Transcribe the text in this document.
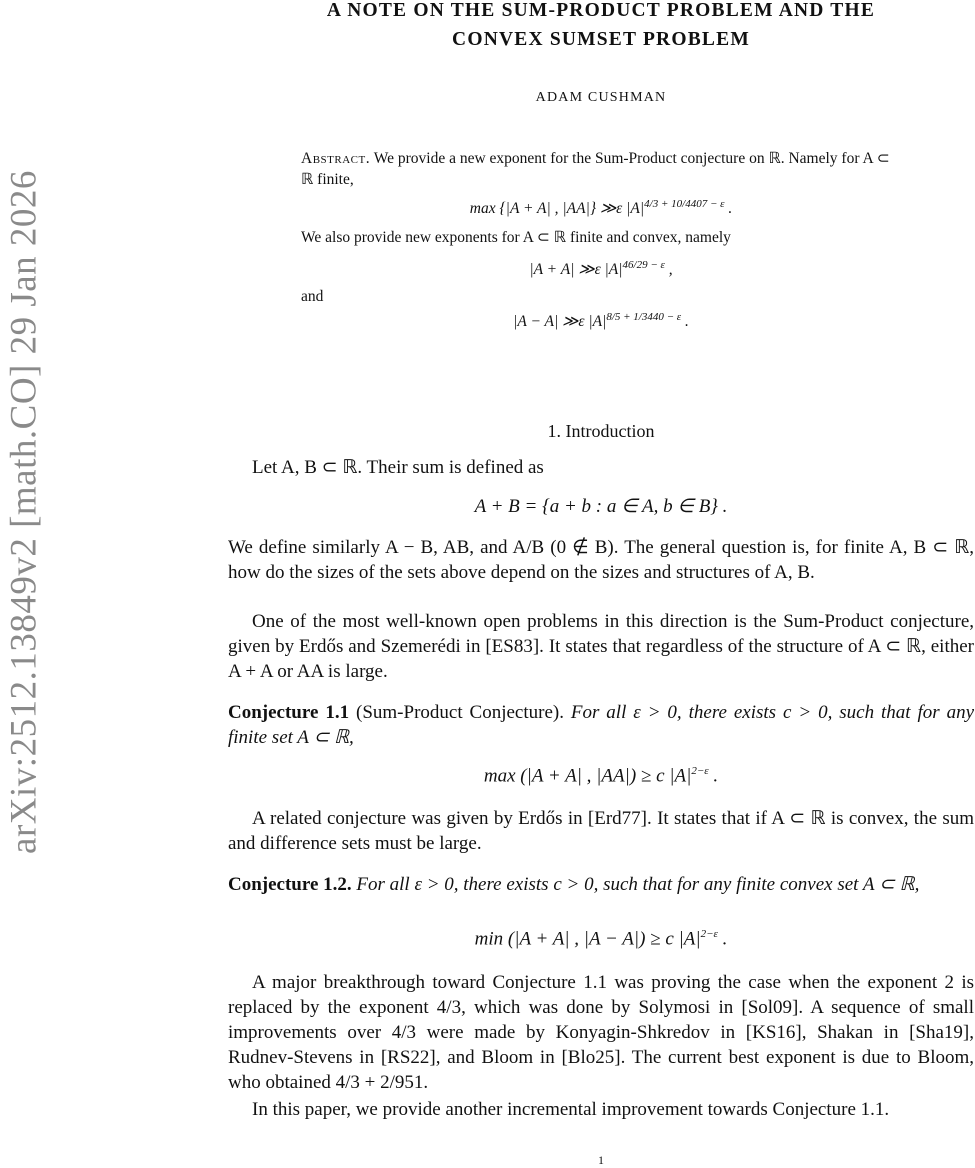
arXiv:2512.13849v2 [math.CO] 29 Jan 2026
A NOTE ON THE SUM-PRODUCT PROBLEM AND THE
CONVEX SUMSET PROBLEM
ADAM CUSHMAN
Abstract. We provide a new exponent for the Sum-Product conjecture on ℝ. Namely for A ⊂ ℝ finite,
max {|A + A| , |AA|} ≫ε $|A|^{4/3 + 10/4407 - \varepsilon}$ .
We also provide new exponents for A ⊂ ℝ finite and convex, namely
|A + A| ≫ε $|A|^{46/29 - \varepsilon}$ ,
and
|A − A| ≫ε $|A|^{8/5 + 1/3440 - \varepsilon}$ .
1. Introduction
Let A, B ⊂ ℝ. Their sum is defined as
A + B = {a + b : a ∈ A, b ∈ B} .
We define similarly A − B, AB, and A/B (0 ∉ B). The general question is, for finite A, B ⊂ ℝ, how do the sizes of the sets above depend on the sizes and structures of A, B.
One of the most well-known open problems in this direction is the Sum-Product conjecture, given by Erdős and Szemerédi in [ES83]. It states that regardless of the structure of A ⊂ ℝ, either A + A or AA is large.
Conjecture 1.1 (Sum-Product Conjecture). For all ε > 0, there exists c > 0, such that for any finite set A ⊂ ℝ,
max (|A + A| , |AA|) ≥ c $|A|^{2-\varepsilon}$ .
A related conjecture was given by Erdős in [Erd77]. It states that if A ⊂ ℝ is convex, the sum and difference sets must be large.
Conjecture 1.2. For all ε > 0, there exists c > 0, such that for any finite convex set A ⊂ ℝ,
min (|A + A| , |A − A|) ≥ c $|A|^{2-\varepsilon}$ .
A major breakthrough toward Conjecture 1.1 was proving the case when the exponent 2 is replaced by the exponent 4/3, which was done by Solymosi in [Sol09]. A sequence of small improvements over 4/3 were made by Konyagin-Shkredov in [KS16], Shakan in [Sha19], Rudnev-Stevens in [RS22], and Bloom in [Blo25]. The current best exponent is due to Bloom, who obtained 4/3 + 2/951.
In this paper, we provide another incremental improvement towards Conjecture 1.1.
1
